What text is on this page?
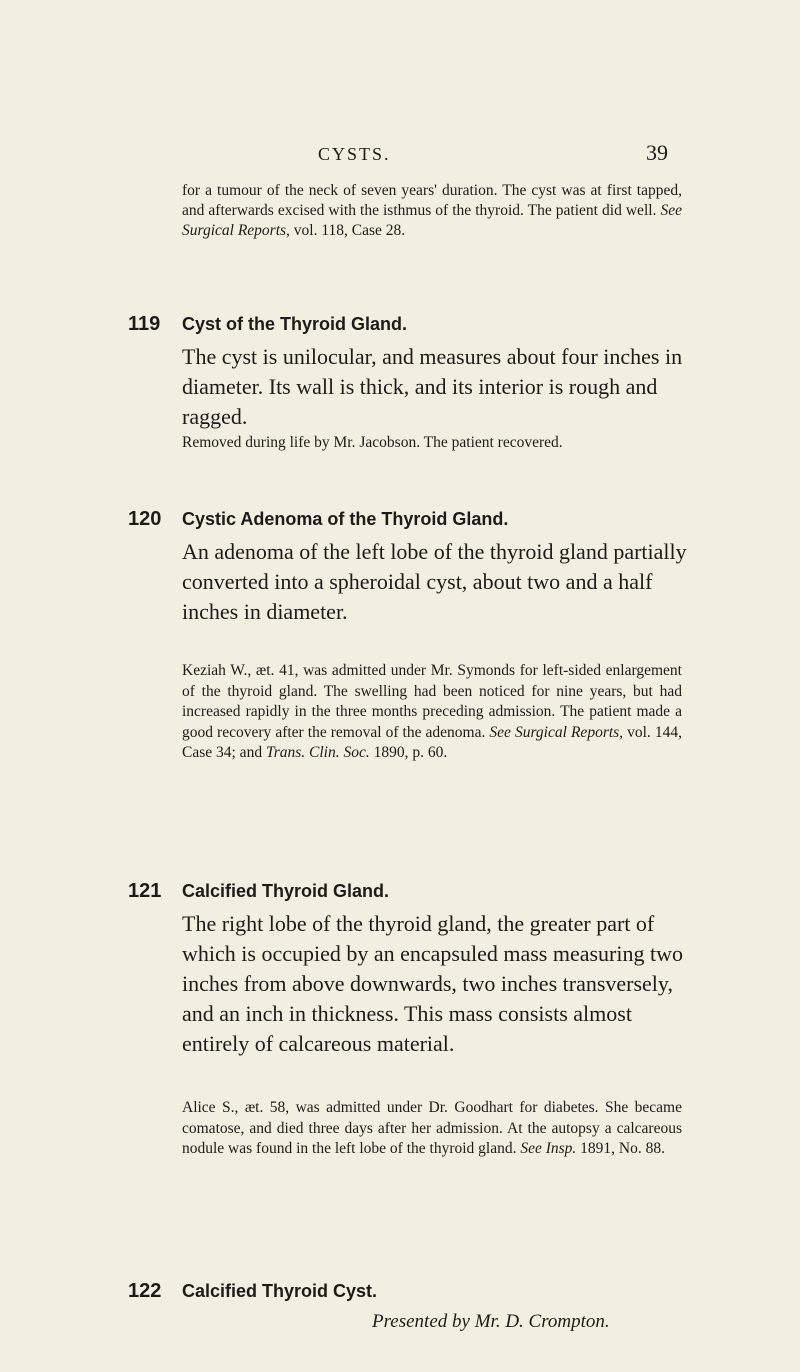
CYSTS.	39
for a tumour of the neck of seven years' duration. The cyst was at first tapped, and afterwards excised with the isthmus of the thyroid. The patient did well. See Surgical Reports, vol. 118, Case 28.
119 Cyst of the Thyroid Gland.
The cyst is unilocular, and measures about four inches in diameter. Its wall is thick, and its interior is rough and ragged.
Removed during life by Mr. Jacobson. The patient recovered.
120 Cystic Adenoma of the Thyroid Gland.
An adenoma of the left lobe of the thyroid gland partially converted into a spheroidal cyst, about two and a half inches in diameter.
Keziah W., æt. 41, was admitted under Mr. Symonds for left-sided enlargement of the thyroid gland. The swelling had been noticed for nine years, but had increased rapidly in the three months preceding admission. The patient made a good recovery after the removal of the adenoma. See Surgical Reports, vol. 144, Case 34; and Trans. Clin. Soc. 1890, p. 60.
121 Calcified Thyroid Gland.
The right lobe of the thyroid gland, the greater part of which is occupied by an encapsuled mass measuring two inches from above downwards, two inches transversely, and an inch in thickness. This mass consists almost entirely of calcareous material.
Alice S., æt. 58, was admitted under Dr. Goodhart for diabetes. She became comatose, and died three days after her admission. At the autopsy a calcareous nodule was found in the left lobe of the thyroid gland. See Insp. 1891, No. 88.
122 Calcified Thyroid Cyst.
Presented by Mr. D. Crompton.
